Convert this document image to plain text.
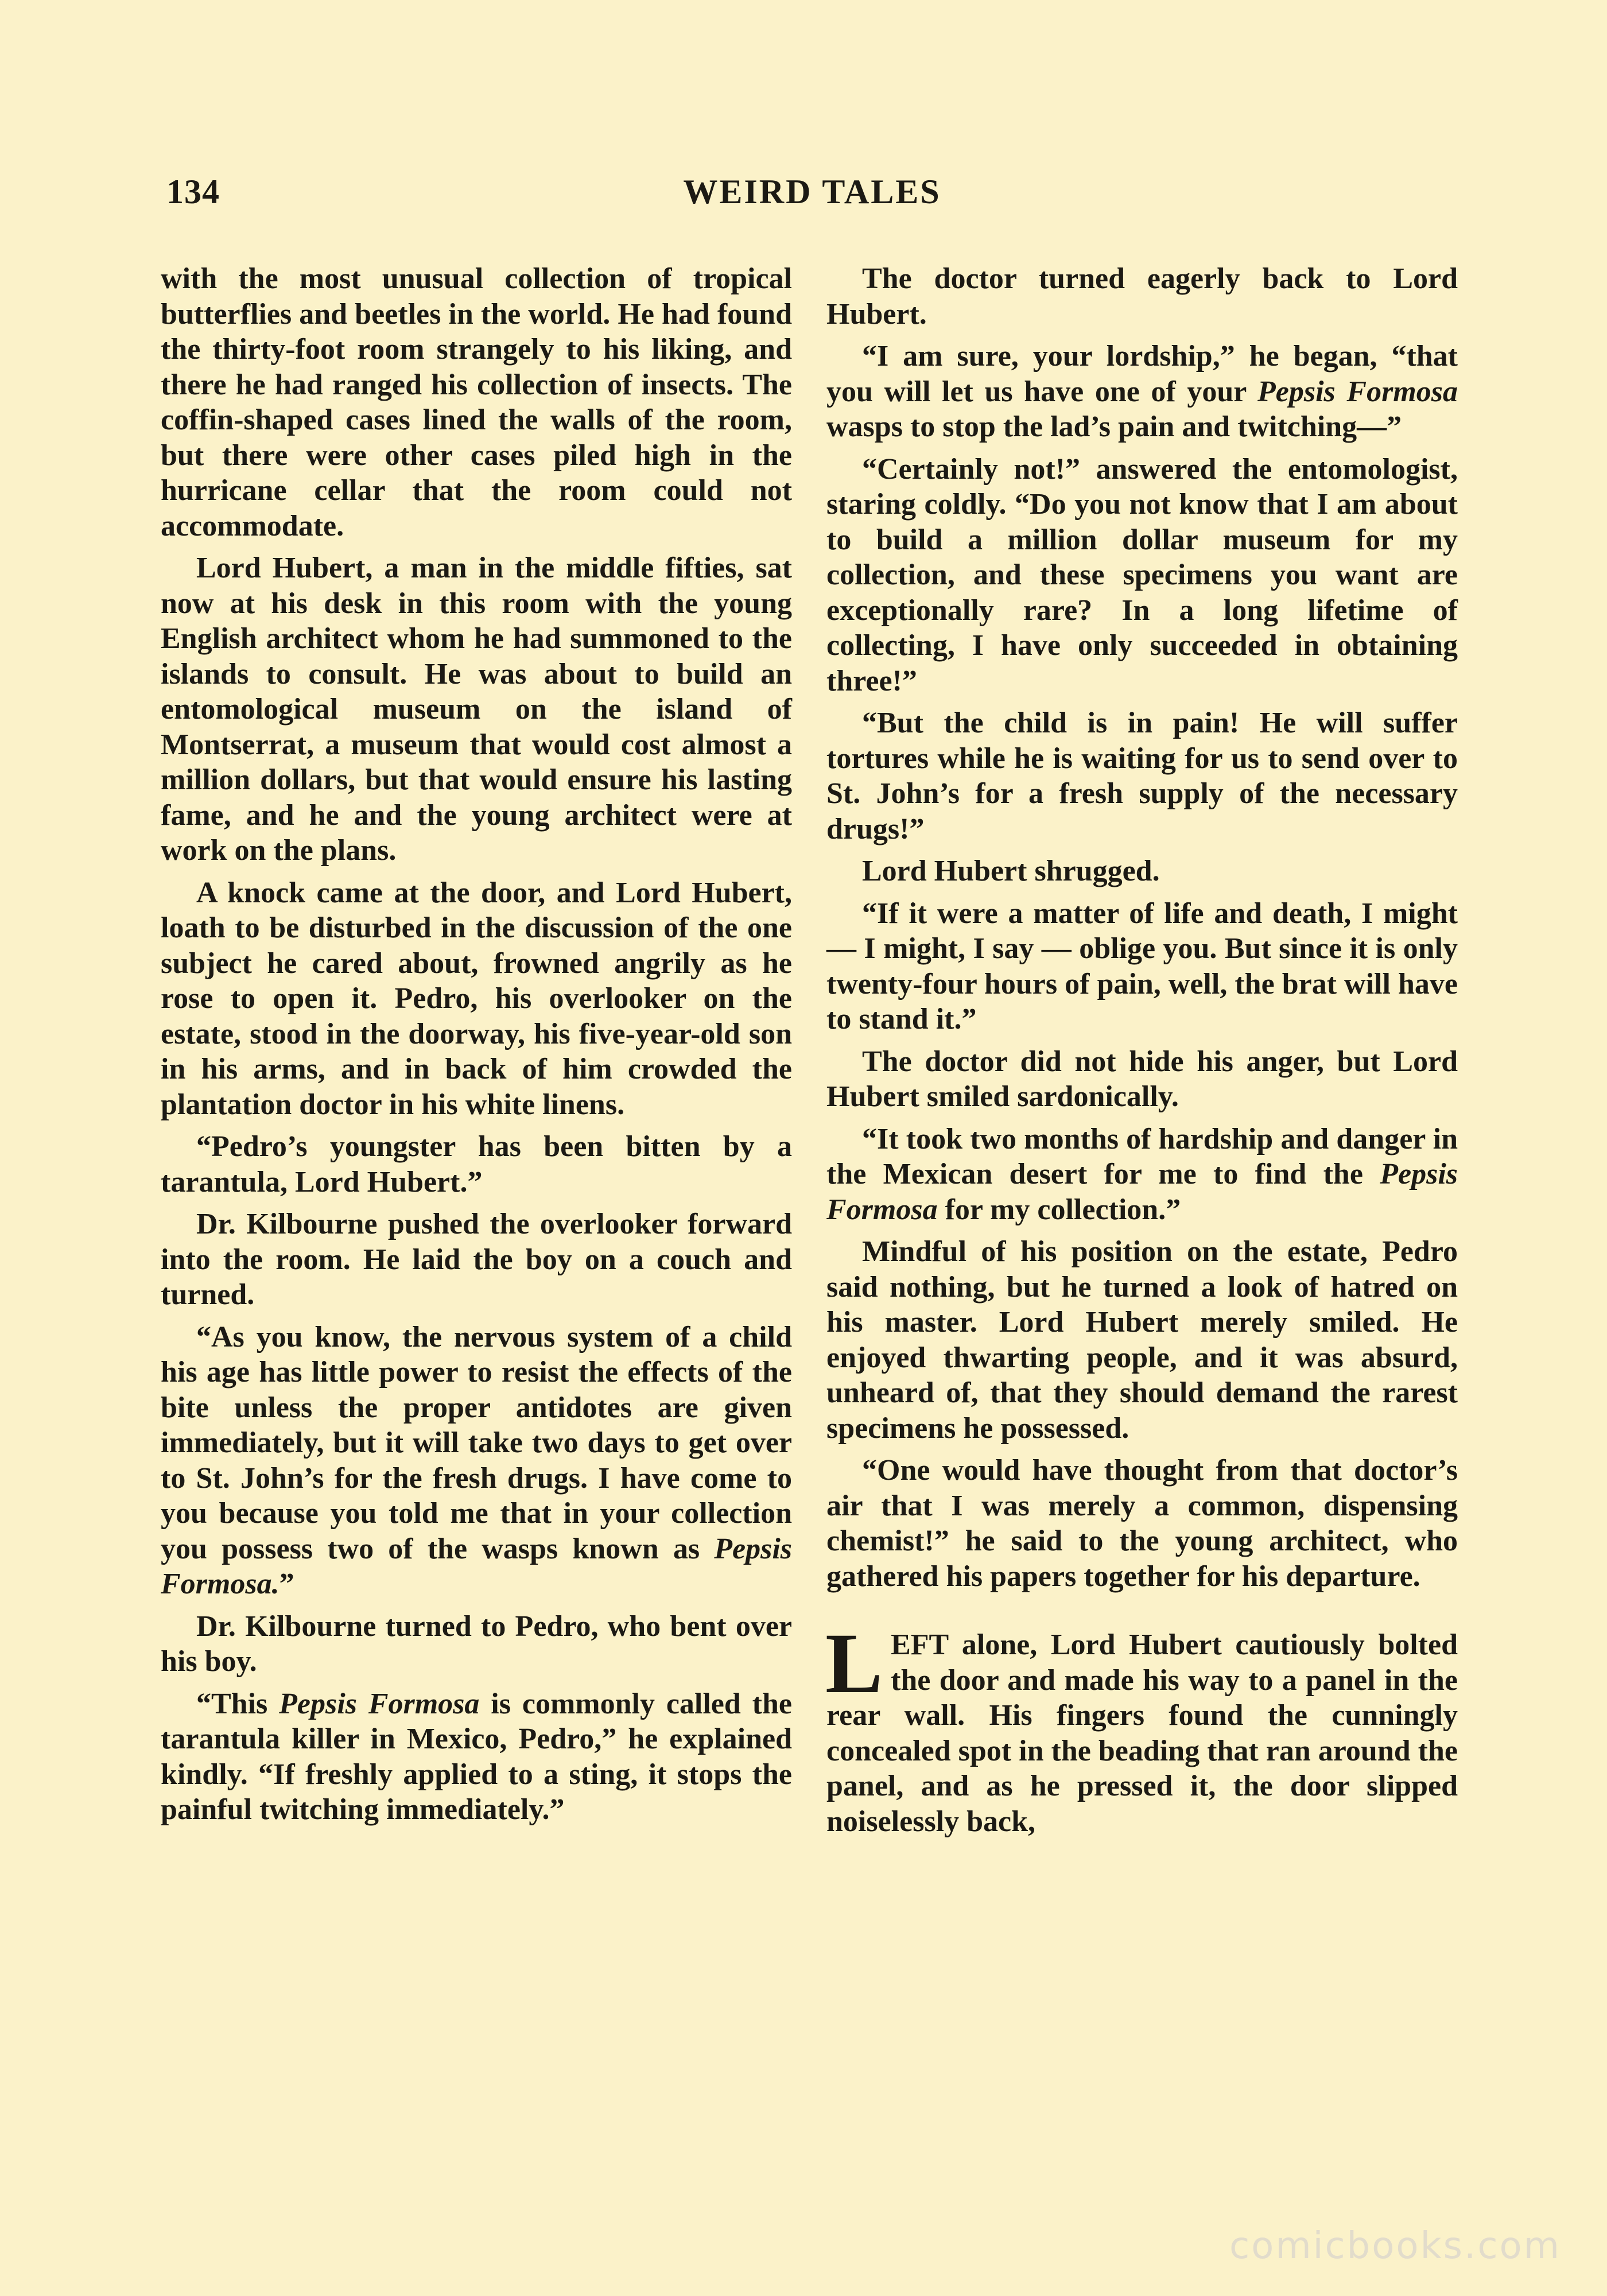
134	WEIRD TALES

with the most unusual collection of tropical butterflies and beetles in the world. He had found the thirty-foot room strangely to his liking, and there he had ranged his collection of insects. The coffin-shaped cases lined the walls of the room, but there were other cases piled high in the hurricane cellar that the room could not accommodate.

Lord Hubert, a man in the middle fifties, sat now at his desk in this room with the young English architect whom he had summoned to the islands to consult. He was about to build an entomological museum on the island of Montserrat, a museum that would cost almost a million dollars, but that would ensure his lasting fame, and he and the young architect were at work on the plans.

A knock came at the door, and Lord Hubert, loath to be disturbed in the discussion of the one subject he cared about, frowned angrily as he rose to open it. Pedro, his overlooker on the estate, stood in the doorway, his five-year-old son in his arms, and in back of him crowded the plantation doctor in his white linens.

“Pedro’s youngster has been bitten by a tarantula, Lord Hubert.”

Dr. Kilbourne pushed the overlooker forward into the room. He laid the boy on a couch and turned.

“As you know, the nervous system of a child his age has little power to resist the effects of the bite unless the proper antidotes are given immediately, but it will take two days to get over to St. John’s for the fresh drugs. I have come to you because you told me that in your collection you possess two of the wasps known as Pepsis Formosa.”

Dr. Kilbourne turned to Pedro, who bent over his boy.

“This Pepsis Formosa is commonly called the tarantula killer in Mexico, Pedro,” he explained kindly. “If freshly applied to a sting, it stops the painful twitching immediately.”

The doctor turned eagerly back to Lord Hubert.

“I am sure, your lordship,” he began, “that you will let us have one of your Pepsis Formosa wasps to stop the lad’s pain and twitching—”

“Certainly not!” answered the entomologist, staring coldly. “Do you not know that I am about to build a million dollar museum for my collection, and these specimens you want are exceptionally rare? In a long lifetime of collecting, I have only succeeded in obtaining three!”

“But the child is in pain! He will suffer tortures while he is waiting for us to send over to St. John’s for a fresh supply of the necessary drugs!”

Lord Hubert shrugged.

“If it were a matter of life and death, I might — I might, I say — oblige you. But since it is only twenty-four hours of pain, well, the brat will have to stand it.”

The doctor did not hide his anger, but Lord Hubert smiled sardonically.

“It took two months of hardship and danger in the Mexican desert for me to find the Pepsis Formosa for my collection.”

Mindful of his position on the estate, Pedro said nothing, but he turned a look of hatred on his master. Lord Hubert merely smiled. He enjoyed thwarting people, and it was absurd, unheard of, that they should demand the rarest specimens he possessed.

“One would have thought from that doctor’s air that I was merely a common, dispensing chemist!” he said to the young architect, who gathered his papers together for his departure.

LEFT alone, Lord Hubert cautiously bolted the door and made his way to a panel in the rear wall. His fingers found the cunningly concealed spot in the beading that ran around the panel, and as he pressed it, the door slipped noiselessly back,

comicbooks.com
